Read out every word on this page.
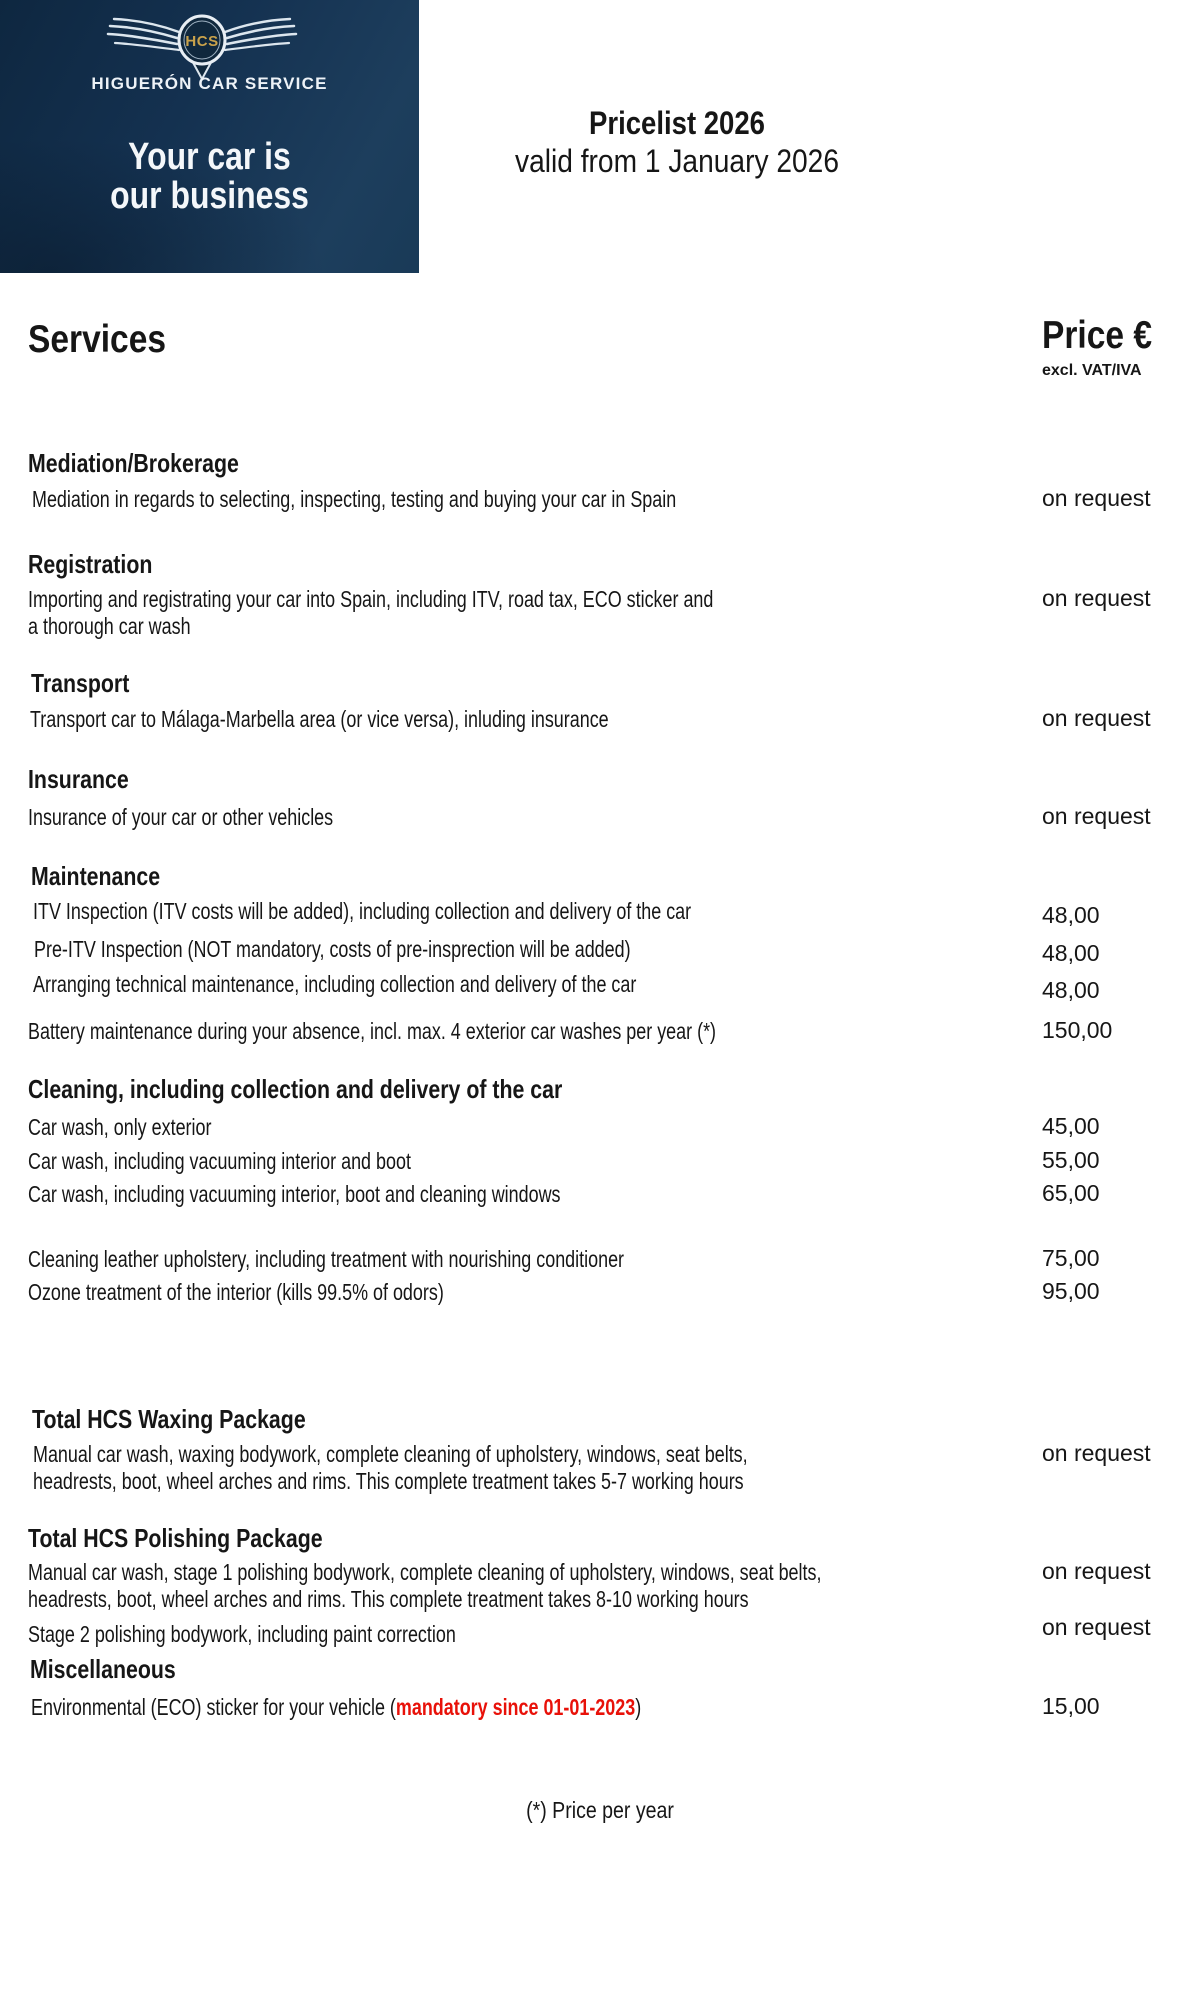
HCS
HIGUERÓN CAR SERVICE
Your car is
our business
Pricelist 2026
valid from 1 January 2026
Services	Price €
excl. VAT/IVA
Mediation/Brokerage
Mediation in regards to selecting, inspecting, testing and buying your car in Spain	on request
Registration
Importing and registrating your car into Spain, including ITV, road tax, ECO sticker and
a thorough car wash
on request
Transport
Transport car to Málaga-Marbella area (or vice versa), inluding insurance	on request
Insurance
Insurance of your car or other vehicles	on request
Maintenance
ITV Inspection (ITV costs will be added), including collection and delivery of the car	48,00
Pre-ITV Inspection (NOT mandatory, costs of pre-insprection will be added)	48,00
Arranging technical maintenance, including collection and delivery of the car	48,00
Battery maintenance during your absence, incl. max. 4 exterior car washes per year (*)	150,00
Cleaning, including collection and delivery of the car
Car wash, only exterior	45,00
Car wash, including vacuuming interior and boot	55,00
Car wash, including vacuuming interior, boot and cleaning windows	65,00
Cleaning leather upholstery, including treatment with nourishing conditioner	75,00
Ozone treatment of the interior (kills 99.5% of odors)	95,00
Total HCS Waxing Package
Manual car wash, waxing bodywork, complete cleaning of upholstery, windows, seat belts,
headrests, boot, wheel arches and rims. This complete treatment takes 5-7 working hours
on request
Total HCS Polishing Package
Manual car wash, stage 1 polishing bodywork, complete cleaning of upholstery, windows, seat belts,
headrests, boot, wheel arches and rims. This complete treatment takes 8-10 working hours
on request
Stage 2 polishing bodywork, including paint correction	on request
Miscellaneous
Environmental (ECO) sticker for your vehicle (mandatory since 01-01-2023)	15,00
(*) Price per year
